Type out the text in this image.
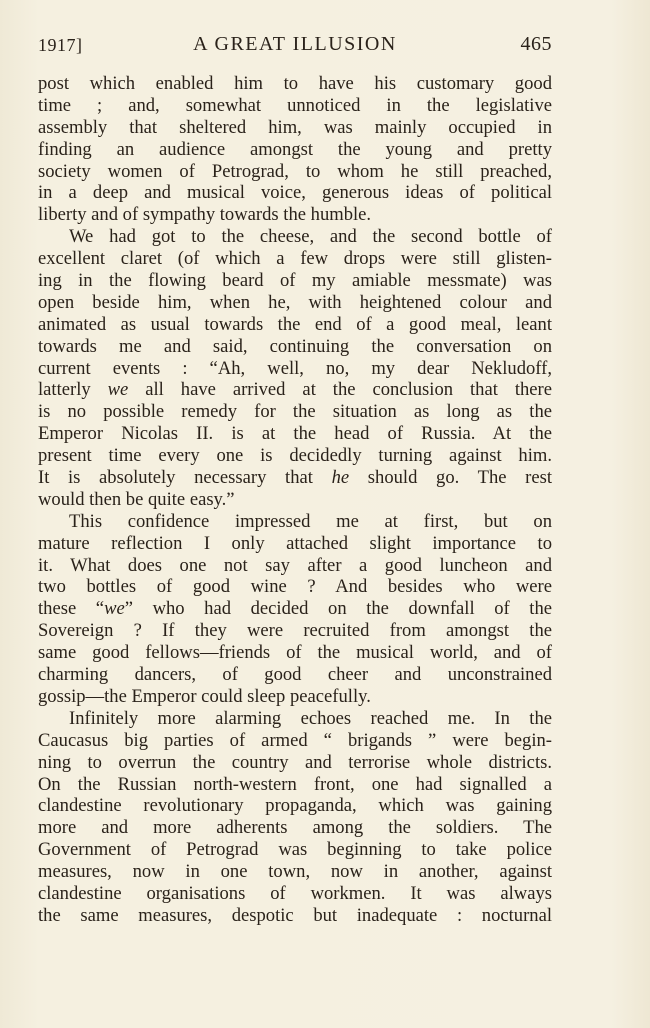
1917]	A GREAT ILLUSION	465
post which enabled him to have his customary good
time ; and, somewhat unnoticed in the legislative
assembly that sheltered him, was mainly occupied in
finding an audience amongst the young and pretty
society women of Petrograd, to whom he still preached,
in a deep and musical voice, generous ideas of political
liberty and of sympathy towards the humble.
We had got to the cheese, and the second bottle of
excellent claret (of which a few drops were still glisten-
ing in the flowing beard of my amiable messmate) was
open beside him, when he, with heightened colour and
animated as usual towards the end of a good meal, leant
towards me and said, continuing the conversation on
current events : “Ah, well, no, my dear Nekludoff,
latterly we all have arrived at the conclusion that there
is no possible remedy for the situation as long as the
Emperor Nicolas II. is at the head of Russia. At the
present time every one is decidedly turning against him.
It is absolutely necessary that he should go. The rest
would then be quite easy.”
This confidence impressed me at first, but on
mature reflection I only attached slight importance to
it. What does one not say after a good luncheon and
two bottles of good wine ? And besides who were
these “we” who had decided on the downfall of the
Sovereign ? If they were recruited from amongst the
same good fellows—friends of the musical world, and of
charming dancers, of good cheer and unconstrained
gossip—the Emperor could sleep peacefully.
Infinitely more alarming echoes reached me. In the
Caucasus big parties of armed “ brigands ” were begin-
ning to overrun the country and terrorise whole districts.
On the Russian north-western front, one had signalled a
clandestine revolutionary propaganda, which was gaining
more and more adherents among the soldiers. The
Government of Petrograd was beginning to take police
measures, now in one town, now in another, against
clandestine organisations of workmen. It was always
the same measures, despotic but inadequate : nocturnal
